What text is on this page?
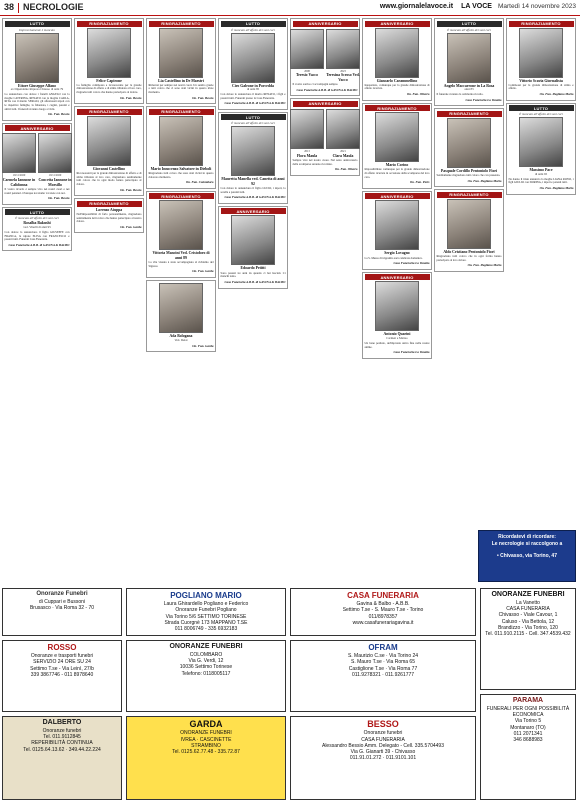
38 NECROLOGIE	www.giornalelavoce.it LA VOCE Martedì 14 novembre 2023
LUTTO
Improvvisamente è mancato
Ettore Giuseppe Alfano
ex Dipendente Impresa Chiesso di anni 79
Lo annunciano con dolore i fratelli ANGELO con la moglie CATERINA, RENATO con la moglie CARLA, RITA con il marito SERGIO, gli affezionati nipoti con le rispettive famiglie, la fidanzata, i cugini, parenti e amici tutti. I funerali avranno luogo a Ciriè.
On. Fun. Bessio
ANNIVERSARIO
19/11/2020
Carmela Iannone in Calidonna
19/11/2020
Concetta Iannone in Morsillo
Il vostro ricordo è sempre vivo nei nostri cuori e nei nostri pensieri. Ovunque noi siamo voi siete con noi.
On. Fun. Bessio
LUTTO
È mancata all'affetto dei suoi cari
Rosalba Bakushi
ved. Vinelli di anni 95
Con dolore lo annunciano il figlio GIUSEPPE con FRANCA, la nipote ELISA con FRANCESCO e parenti tutti. Funerali Casa Funeraria.
Casa Funeraria A.B.B. di GAVINA & BALBO
RINGRAZIAMENTO
Felice Capirone
La famiglia commossa e riconoscente per la grande dimostrazione di affetto e di stima tributata al loro caro, ringrazia tutti coloro che hanno partecipato al dolore.
On. Fun. Bessio
RINGRAZIAMENTO
Giovanni Castellino
Riconoscenti per la grande dimostrazione di affetto e di stima tributata al loro caro, ringraziano sentitamente tutti coloro che in ogni modo hanno partecipato al dolore.
On. Fun. Bessio
RINGRAZIAMENTO
Lorenzo Aiuppa
Nell'impossibilità di farlo personalmente, ringraziano sentitamente tutti coloro che hanno partecipato al nostro dolore.
On. Fun. Garda
RINGRAZIAMENTO
Lia Castellino in De Maestri
Rimarrai per sempre nei nostri cuori. Un sentito grazie a tutti coloro che ci sono stati vicini in questo triste momento.
On. Fun. Bessio
RINGRAZIAMENTO
Mario Innocenzo Salvatore in Dieboli
Ringraziano tutti coloro che sono stati vicini in questo doloroso momento.
On. Fun. Colombaro
RINGRAZIAMENTO
Vittoria Mancini Ved. Cristoforo di anni 89
La vita vissuta è stata accompagnata al richiamo del Signore.
On. Fun. Garda
Ada Bologana
Ved. Deiai
On. Fun. Garda
LUTTO
È mancato all'affetto dei suoi cari
Ciro Galeone in Porcedda
di anni 85
Con dolore lo annunciano il marito RENATO, i figli e parenti tutti. Funerali presso la Casa Funeraria.
Casa Funeraria A.B.B. di GAVINA & BALBO
LUTTO
È mancato all'affetto dei suoi cari
Mauretta Manella ved. Canetta di anni 92
Con dolore lo annunciano il figlio LUCIO, i nipoti, la sorella e parenti tutti.
Casa Funeraria A.B.B. di GAVINA & BALBO
ANNIVERSARIO
Edoardo Petitti
Sono passati tre anni da quando ci hai lasciati. Ci manchi tanto.
Casa Funeraria A.B.B. di GAVINA & BALBO
ANNIVERSARIO
2008
Teresio Vacco
2023
Teresina Scroso Ved. Vacco
Il vostro sorriso ci accompagni sempre.
Casa Funeraria A.B.B. di GAVINA & BALBO
ANNIVERSARIO
2013
Flora Maula
2021
Clara Maula
Sempre vive nel nostro cuore. Nel sesto anniversario della scomparsa saranno ricordate.
On. Fun. Olivero
ANNIVERSARIO
Giancarlo Carammellino
Inaspettato, comunque per la grande dimostrazione di affetto ricevuta.
On. Fun. Olivero
RINGRAZIAMENTO
Mario Corino
Impossibilitate comunque per la grande dimostrazione di affetto ricevuta in occasione della scomparsa del loro caro.
On. Fun. Peris
ANNIVERSARIO
Sergio Lovagno
La S. Messa di trigesimo sarà celebrata domenica.
Casa Funeraria La Vanetto
ANNIVERSARIO
Antonio Quarini
Carmen e Matteo
Un bene perduto, un'impronta unica fine nelle nostre anime.
Casa Funeraria La Vanetto
LUTTO
È mancato all'affetto dei suoi cari
Angelo Maccarrone in La Rosa
anni 83
Il funerale avranno la cerimonia ricordo.
Casa Funeraria La Vanetto
RINGRAZIAMENTO
Pasquale Cordillo Pentoniolo Fiori
Sentitamente ringraziano tutti coloro che con presenza.
On. Fun. Pugliano Mario
RINGRAZIAMENTO
Aldo Cristiano Pentoniolo Fiori
Ringraziano tutti coloro che in ogni forma hanno partecipato al loro dolore.
On. Fun. Pugliano Mario
RINGRAZIAMENTO
Vittorio Scavia Giornalista
Commossi per la grande dimostrazione di stima e affetto.
On. Fun. Pugliano Mario
LUTTO
È mancato all'affetto dei suoi cari
Massimo Pace
di anni 65
Ne danno il triste annuncio la moglie LIANA ROSSI, i figli GIULIO con DORINA, i nipoti e parenti tutti.
On. Fun. Pugliano Mario
Ricordatevi di ricordare:
Le necrologie si raccolgono a
• Chivasso, via Torino, 47
Onoranze Funebri
di Cuppari e Bussoni
Brusasco · Via Roma 32 - 70
POGLIANO MARIO
Laura Ghirardello Pogliano e Federico
Onoranze Funebri Pogliano
Via Torino 5/6 SETTIMO TORINESE
Strada Cuorgnè 173 MAPPANO T.SE
011 8006749 - 335 6932183
CASA FUNERARIA
Gavina & Balbo - A.B.B.
Settimo T.se - S. Mauro T.se - Torino
011/8978357
www.casafunerariagavina.it
ONORANZE FUNEBRI
La Vanetto
CASA FUNERARIA
Chivasso - Viale Cavour, 1
Caluso - Via Bettola, 12
Brandizzo - Via Torino, 120
Tel. 011.910.2115 - Cell. 347.4539.432
ROSSO
Onoranze e trasporti funebri
SERVIZIO 24 ORE SU 24
Settimo T.se - Via Leinì, 27/b
339 3867746 - 011 8978640
ONORANZE FUNEBRI
COLOMBARO
Via G. Verdi, 12
10036 Settimo Torinese
Telefono: 0118005117
OFRAM
S. Maurizio C.se · Via Torino 24
S. Mauro T.se · Via Roma 65
Castiglione T.se · Via Roma 77
011.9278321 · 011.9261777
GARDA
ONORANZE FUNEBRI
IVREA · CASCINETTE
STRAMBINO
Tel. 0125.62.77.48 - 335.72.87
BESSO
Onoranze funebri
CASA FUNERARIA
Alessandro Bessio Amm. Delegato - Cell. 335.5704493
Via G. Gianarti 39 - Chivasso
011.91.01.272 · 011.9101.101
DALBERTO
Onoranze funebri
Tel. 011.9112845
REPERIBILITÀ CONTINUA
Tel. 0125.64.13.62 · 349.44.22.224
PARAMA
FUNERALI PER OGNI POSSIBILITÀ ECONOMICA
Via Torino 5
Montanaro (TO)
011 2071341
346 8688983
